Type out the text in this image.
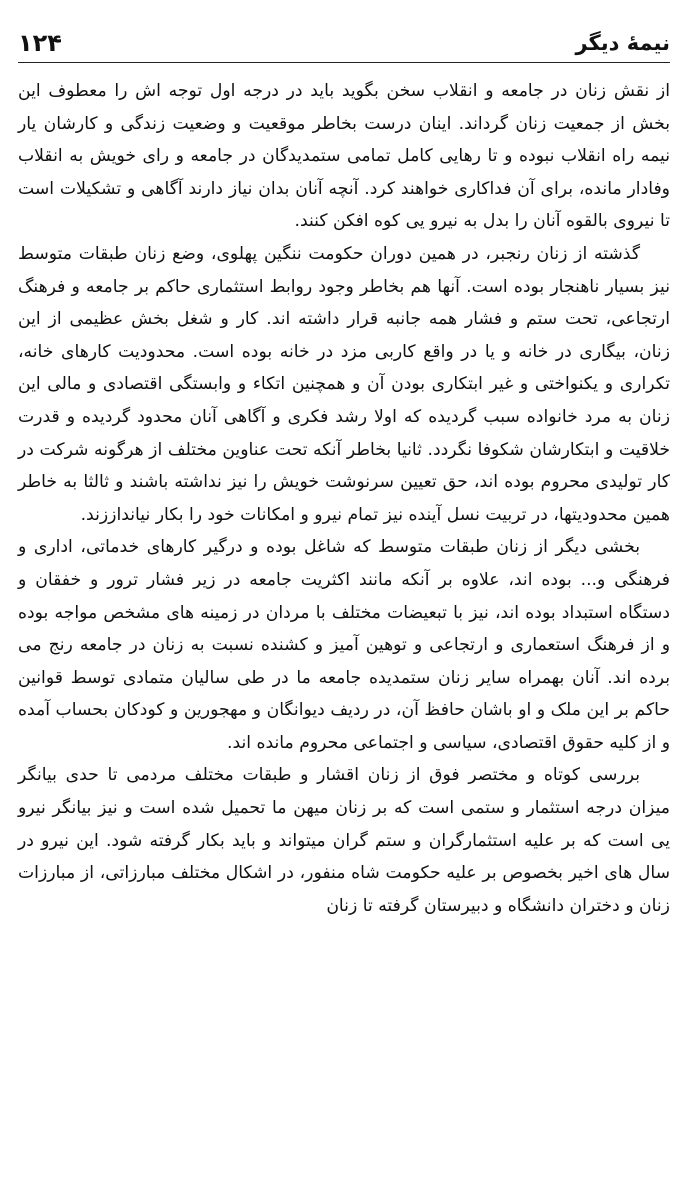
۱۲۴	نیمهٔ دیگر

از نقش زنان در جامعه و انقلاب سخن بگوید باید در درجه اول توجه اش را معطوف این بخش از جمعیت زنان گرداند. اینان درست بخاطر موقعیت و وضعیت زندگی و کارشان یار نیمه راه انقلاب نبوده و تا رهایی کامل تمامی ستمدیدگان در جامعه و رای خویش به انقلاب وفادار مانده، برای آن فداکاری خواهند کرد. آنچه آنان بدان نیاز دارند آگاهی و تشکیلات است تا نیروی بالقوه آنان را بدل به نیرو یی کوه افکن کنند.

گذشته از زنان رنجبر، در همین دوران حکومت ننگین پهلوی، وضع زنان طبقات متوسط نیز بسیار ناهنجار بوده است. آنها هم بخاطر وجود روابط استثماری حاکم بر جامعه و فرهنگ ارتجاعی، تحت ستم و فشار همه جانبه قرار داشته اند. کار و شغل بخش عظیمی از این زنان، بیگاری در خانه و یا در واقع کاربی مزد در خانه بوده است. محدودیت کارهای خانه، تکراری و یکنواختی و غیر ابتکاری بودن آن و همچنین اتکاء و وابستگی اقتصادی و مالی این زنان به مرد خانواده سبب گردیده که اولا رشد فکری و آگاهی آنان محدود گردیده و قدرت خلاقیت و ابتکارشان شکوفا نگردد. ثانیا بخاطر آنکه تحت عناوین مختلف از هرگونه شرکت در کار تولیدی محروم بوده اند، حق تعیین سرنوشت خویش را نیز نداشته باشند و ثالثا به خاطر همین محدودیتها، در تربیت نسل آینده نیز تمام نیرو و امکانات خود را بکار نیانداززند.

بخشی دیگر از زنان طبقات متوسط که شاغل بوده و درگیر کارهای خدماتی، اداری و فرهنگی و... بوده اند، علاوه بر آنکه مانند اکثریت جامعه در زیر فشار ترور و خفقان و دستگاه استبداد بوده اند، نیز با تبعیضات مختلف با مردان در زمینه های مشخص مواجه بوده و از فرهنگ استعماری و ارتجاعی و توهین آمیز و کشنده نسبت به زنان در جامعه رنج می برده اند. آنان بهمراه سایر زنان ستمدیده جامعه ما در طی سالیان متمادی توسط قوانین حاکم بر این ملک و او باشان حافظ آن، در ردیف دیوانگان و مهجورین و کودکان بحساب آمده و از کلیه حقوق اقتصادی، سیاسی و اجتماعی محروم مانده اند.

بررسی کوتاه و مختصر فوق از زنان اقشار و طبقات مختلف مردمی تا حدی بیانگر میزان درجه استثمار و ستمی است که بر زنان میهن ما تحمیل شده است و نیز بیانگر نیرو یی است که بر علیه استثمارگران و ستم گران میتواند و باید بکار گرفته شود. این نیرو در سال های اخیر بخصوص بر علیه حکومت شاه منفور، در اشکال مختلف مبارزاتی، از مبارزات زنان و دختران دانشگاه و دبیرستان گرفته تا زنان
